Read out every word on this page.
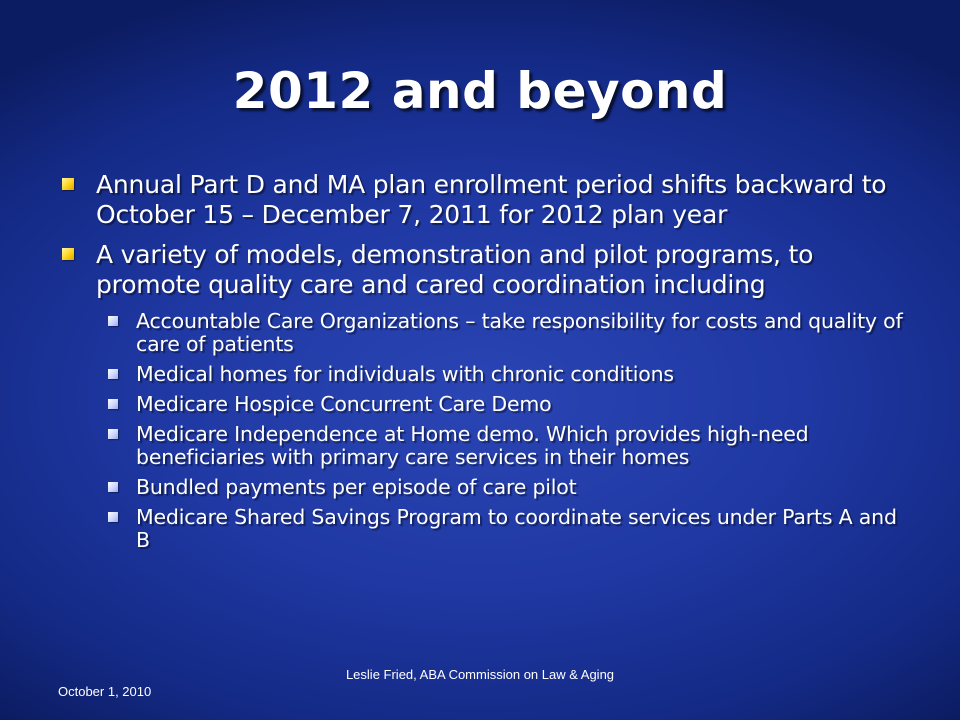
2012 and beyond
Annual Part D and MA plan enrollment period shifts backward to October 15 – December 7, 2011 for 2012 plan year
A variety of models, demonstration and pilot programs, to promote quality care and cared coordination including
Accountable Care Organizations – take responsibility for costs and quality of care of patients
Medical homes for individuals with chronic conditions
Medicare Hospice Concurrent Care Demo
Medicare Independence at Home demo. Which provides high-need beneficiaries with primary care services in their homes
Bundled payments per episode of care pilot
Medicare Shared Savings Program to coordinate services under Parts A and B
October 1, 2010
Leslie Fried, ABA Commission on Law & Aging
